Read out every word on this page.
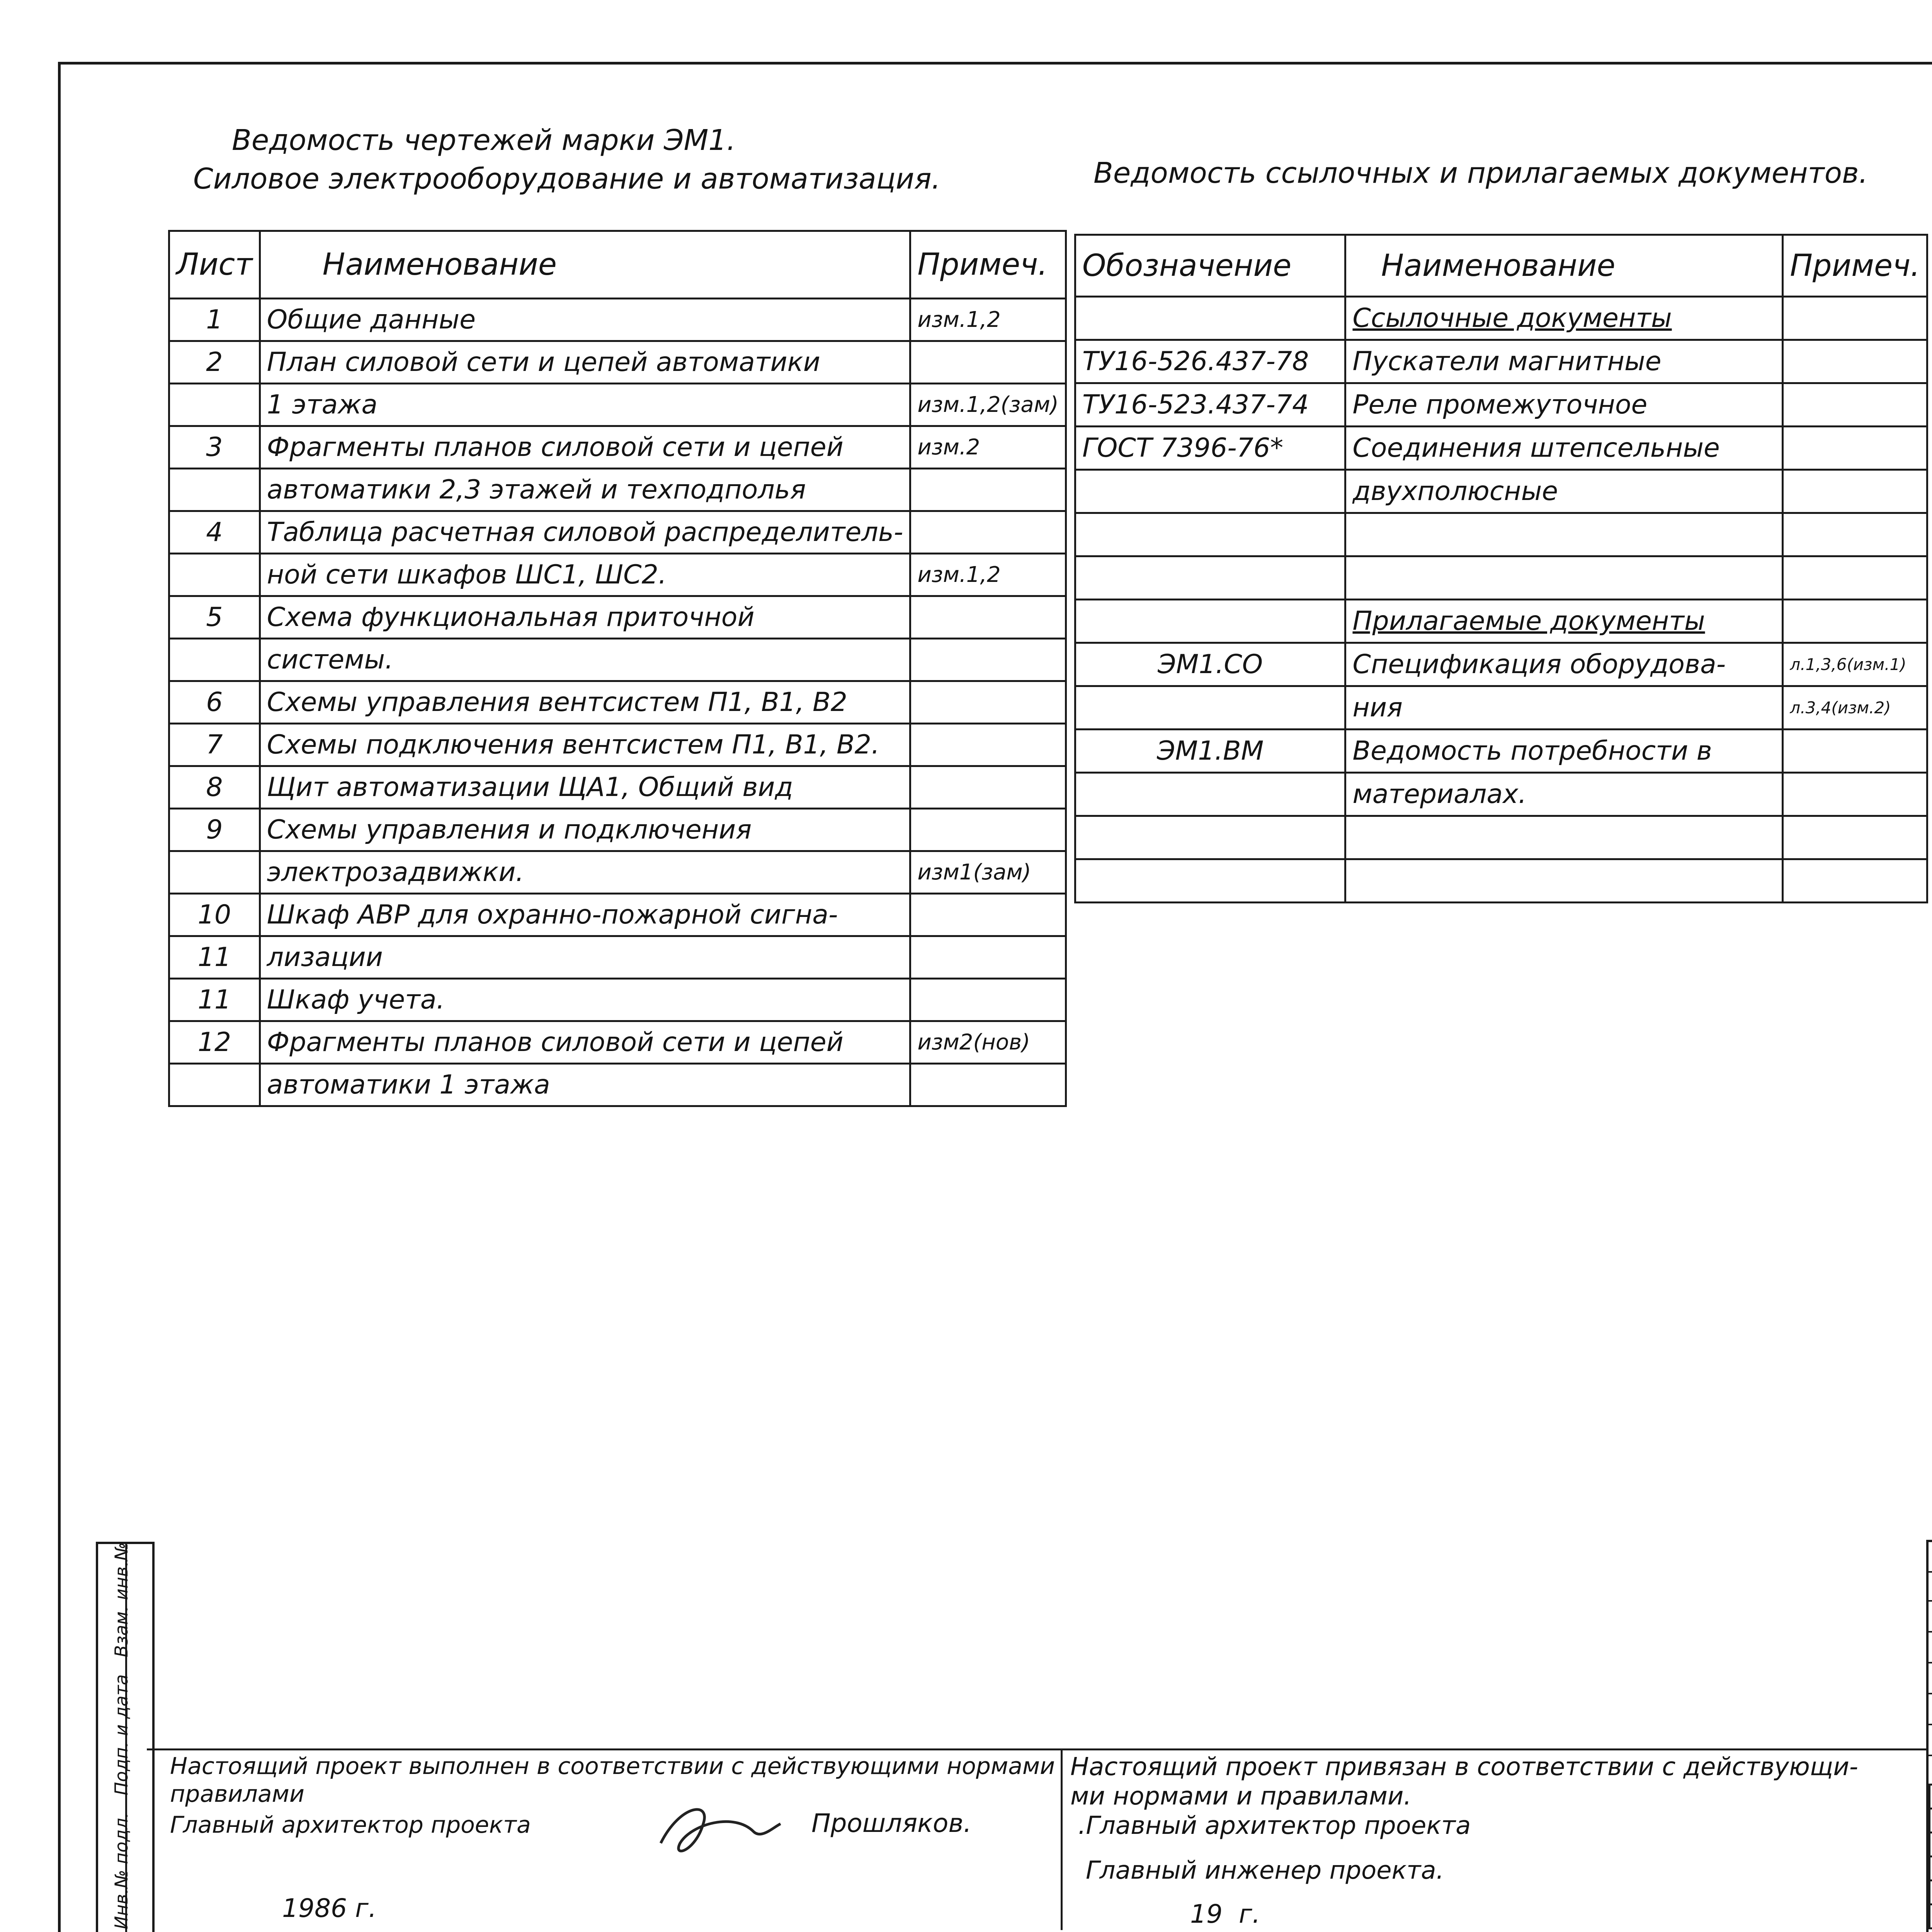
Инв.№ подл.   Подп. и дата   Взам. инв.№
Ведомость чертежей марки ЭМ1.
Силовое электрооборудование и автоматизация.	Ведомость ссылочных и прилагаемых документов.
Лист	Наименование	Примеч.
1	Общие данные	изм.1,2
2	План силовой сети и цепей автоматики	
	1 этажа	изм.1,2(зам)
3	Фрагменты планов силовой сети и цепей	изм.2
	автоматики 2,3 этажей и техподполья	
4	Таблица расчетная силовой распределитель-	
	ной сети шкафов ШС1, ШС2.	изм.1,2
5	Схема функциональная приточной	
	системы.	
6	Схемы управления вентсистем П1, В1, В2	
7	Схемы подключения вентсистем П1, В1, В2.	
8	Щит автоматизации ЩА1, Общий вид	
9	Схемы управления и подключения	
	электрозадвижки.	изм1(зам)
10	Шкаф АВР для охранно-пожарной сигна-	
11	лизации	
11	Шкаф учета.	
12	Фрагменты планов силовой сети и цепей	изм2(нов)
	автоматики 1 этажа	
Обозначение	Наименование	Примеч.
	Ссылочные документы	
ТУ16-526.437-78	Пускатели магнитные	
ТУ16-523.437-74	Реле промежуточное	
ГОСТ 7396-76*	Соединения штепсельные	
	двухполюсные	

	Прилагаемые документы	
ЭМ1.СО	Спецификация оборудова-	л.1,3,6(изм.1)
	ния	л.3,4(изм.2)
ЭМ1.ВМ	Ведомость потребности в	
	материалах.	

Настоящий проект выполнен в соответствии с действующими нормами
правилами
Главный архитектор проекта	Прошляков.
1986 г.
Настоящий проект привязан в соответствии с действующи-
ми нормами и правилами.
.Главный архитектор проекта
Главный инженер проекта.
19  г.
